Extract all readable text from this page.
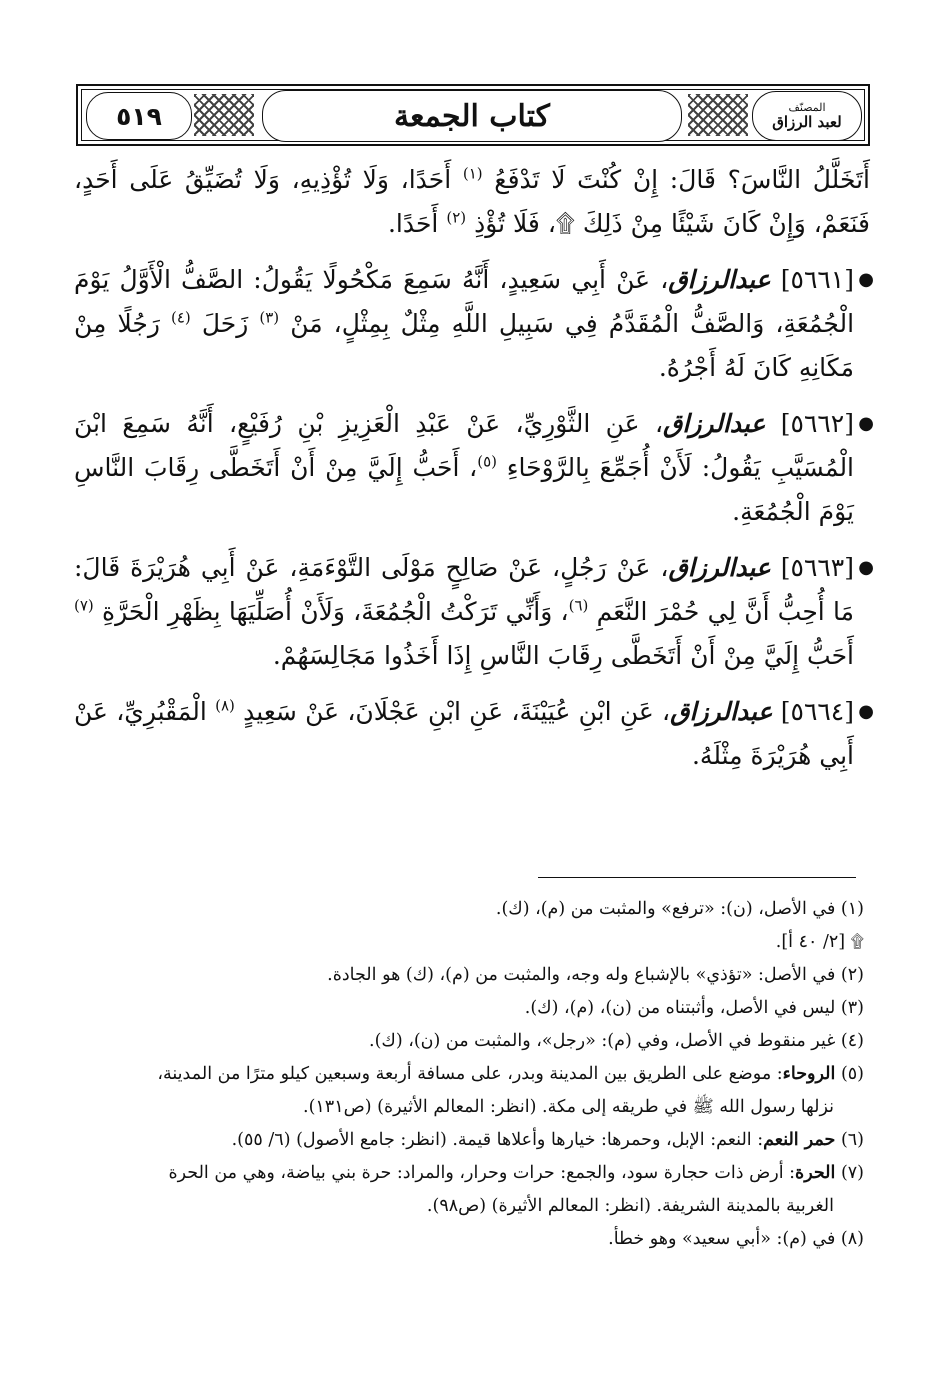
٥١٩	كتاب الجمعة	المصنّف
لعبد الرزاق

أَتَخَلَّلُ النَّاسَ؟ قَالَ: إِنْ كُنْتَ لَا تَدْفَعُ $^{(١)}$ أَحَدًا، وَلَا تُؤْذِيهِ، وَلَا تُضَيِّقُ عَلَى أَحَدٍ، فَنَعَمْ، وَإِنْ كَانَ شَيْئًا مِنْ ذَلِكَ ۩، فَلَا تُؤْذِ $^{(٢)}$ أَحَدًا.

●
[٥٦٦١] عبدالرزاق، عَنْ أَبِي سَعِيدٍ، أَنَّهُ سَمِعَ مَكْحُولًا يَقُولُ: الصَّفُّ الْأَوَّلُ يَوْمَ الْجُمُعَةِ، وَالصَّفُّ الْمُقَدَّمُ فِي سَبِيلِ اللَّهِ مِثْلٌ بِمِثْلٍ، مَنْ $^{(٣)}$ زَحَلَ $^{(٤)}$ رَجُلًا مِنْ مَكَانِهِ كَانَ لَهُ أَجْرُهُ.

●
[٥٦٦٢] عبدالرزاق، عَنِ الثَّوْرِيِّ، عَنْ عَبْدِ الْعَزِيزِ بْنِ رُفَيْعٍ، أَنَّهُ سَمِعَ ابْنَ الْمُسَيَّبِ يَقُولُ: لَأَنْ أُجَمِّعَ بِالرَّوْحَاءِ $^{(٥)}$، أَحَبُّ إِلَيَّ مِنْ أَنْ أَتَخَطَّى رِقَابَ النَّاسِ يَوْمَ الْجُمُعَةِ.

●
[٥٦٦٣] عبدالرزاق، عَنْ رَجُلٍ، عَنْ صَالِحٍ مَوْلَى التَّوْءَمَةِ، عَنْ أَبِي هُرَيْرَةَ قَالَ: مَا أُحِبُّ أَنَّ لِي حُمْرَ النَّعَمِ $^{(٦)}$، وَأَنِّي تَرَكْتُ الْجُمُعَةَ، وَلَأَنْ أُصَلِّيَهَا بِظَهْرِ الْحَرَّةِ $^{(٧)}$ أَحَبُّ إِلَيَّ مِنْ أَنْ أَتَخَطَّى رِقَابَ النَّاسِ إِذَا أَخَذُوا مَجَالِسَهُمْ.

●
[٥٦٦٤] عبدالرزاق، عَنِ ابْنِ عُيَيْنَةَ، عَنِ ابْنِ عَجْلَانَ، عَنْ سَعِيدٍ $^{(٨)}$ الْمَقْبُرِيِّ، عَنْ أَبِي هُرَيْرَةَ مِثْلَهُ.

(١) في الأصل، (ن): «ترفع» والمثبت من (م)، (ك).

۩ [٢/ ٤٠ أ].

(٢) في الأصل: «تؤذي» بالإشباع وله وجه، والمثبت من (م)، (ك) هو الجادة.

(٣) ليس في الأصل، وأثبتناه من (ن)، (م)، (ك).

(٤) غير منقوط في الأصل، وفي (م): «رجل»، والمثبت من (ن)، (ك).

(٥) الروحاء: موضع على الطريق بين المدينة وبدر، على مسافة أربعة وسبعين كيلو مترًا من المدينة،

نزلها رسول الله ﷺ في طريقه إلى مكة. (انظر: المعالم الأثيرة) (ص١٣١).

(٦) حمر النعم: النعم: الإبل، وحمرها: خيارها وأعلاها قيمة. (انظر: جامع الأصول) (٦/ ٥٥).

(٧) الحرة: أرض ذات حجارة سود، والجمع: حرات وحرار، والمراد: حرة بني بياضة، وهي من الحرة

الغربية بالمدينة الشريفة. (انظر: المعالم الأثيرة) (ص٩٨).

(٨) في (م): «أبي سعيد» وهو خطأ.
